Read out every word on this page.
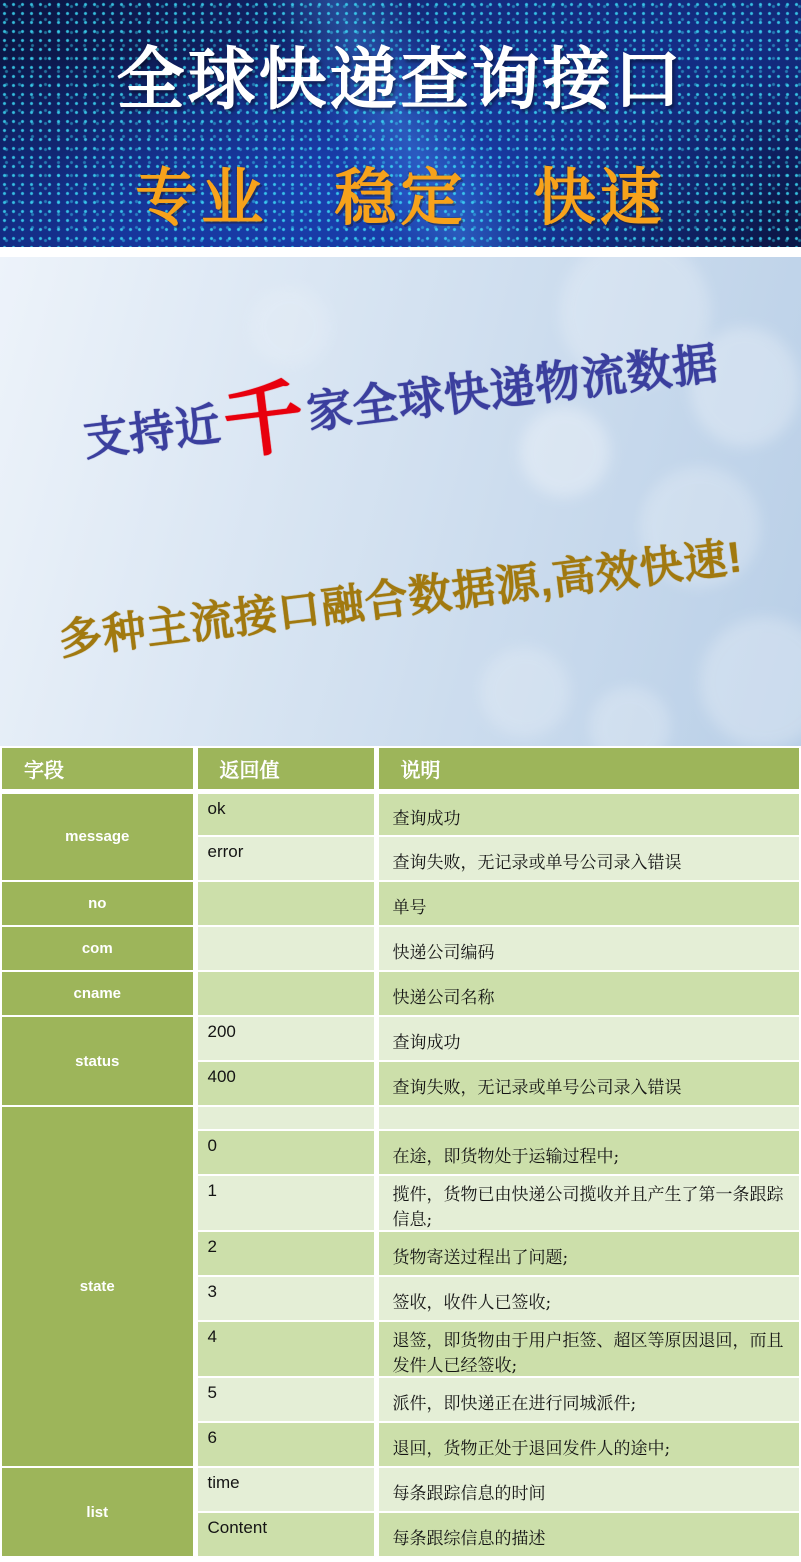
全球快递查询接口
专业 稳定 快速
支持近千家全球快递物流数据
多种主流接口融合数据源,高效快速!
字段	返回值	说明
message	ok	查询成功
	error	查询失败，无记录或单号公司录入错误
no		单号
com		快递公司编码
cname		快递公司名称
status	200	查询成功
	400	查询失败，无记录或单号公司录入错误
state		
	0	在途，即货物处于运输过程中;
	1	揽件，货物已由快递公司揽收并且产生了第一条跟踪信息;
	2	货物寄送过程出了问题;
	3	签收，收件人已签收;
	4	退签，即货物由于用户拒签、超区等原因退回，而且发件人已经签收;
	5	派件，即快递正在进行同城派件;
	6	退回，货物正处于退回发件人的途中;
list	time	每条跟踪信息的时间
	Content	每条跟综信息的描述
